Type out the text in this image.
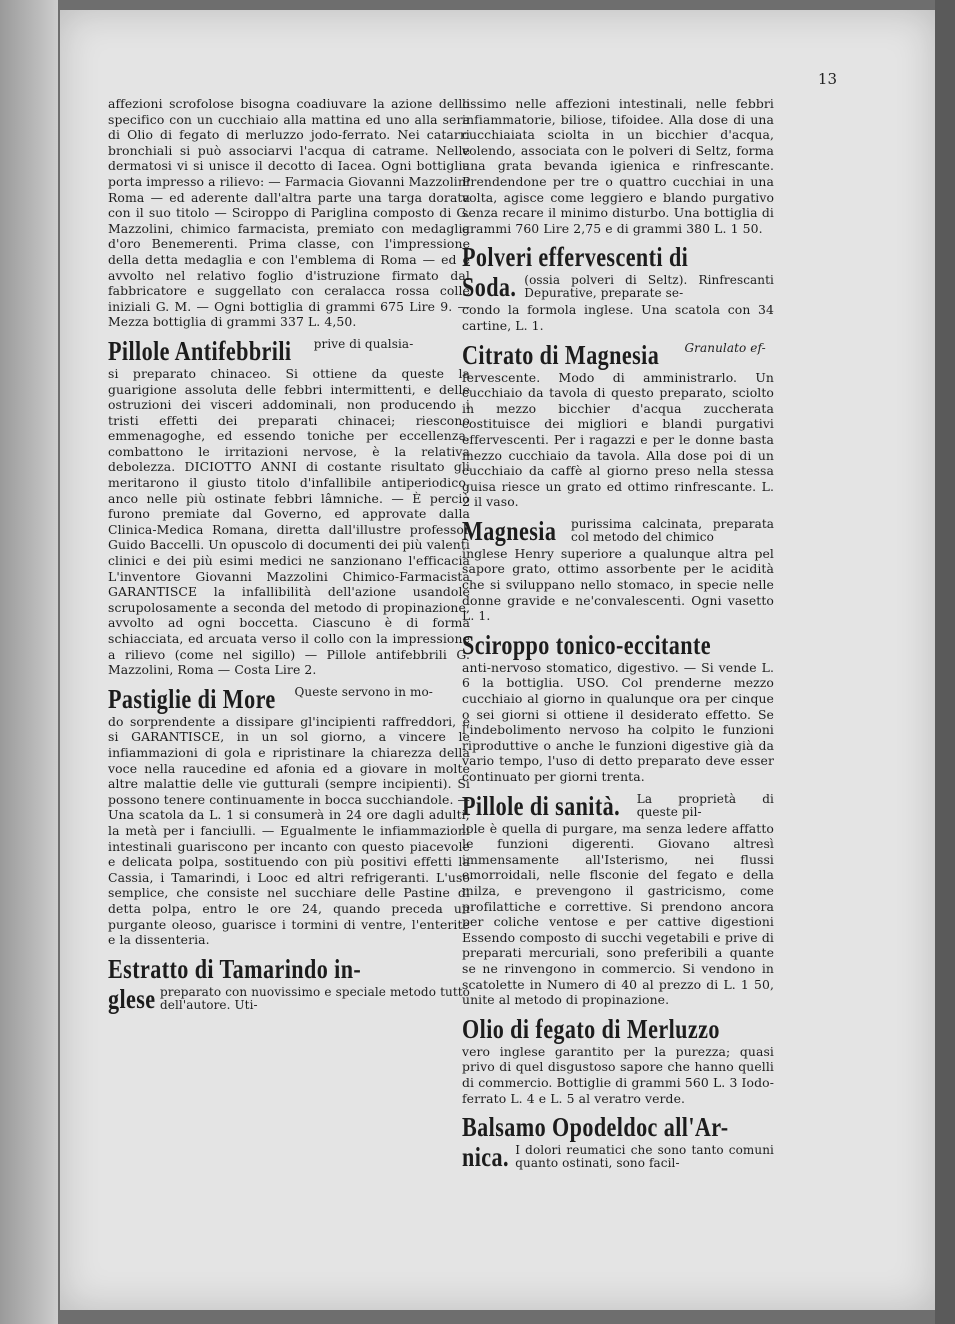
13

affezioni scrofolose bisogna coadiuvare la azione dello specifico con un cucchiaio alla mattina ed uno alla sera di Olio di fegato di merluzzo jodo-ferrato. Nei catarri bronchiali si può associarvi l'acqua di catrame. Nelle dermatosi vi si unisce il decotto di Iacea. Ogni bottiglia porta impresso a rilievo: — Farmacia Giovanni Mazzolini Roma — ed aderente dall'altra parte una targa dorata con il suo titolo — Sciroppo di Pariglina composto di G. Mazzolini, chimico farmacista, premiato con medaglia d'oro Benemerenti. Prima classe, con l'impressione della detta medaglia e con l'emblema di Roma — ed è avvolto nel relativo foglio d'istruzione firmato dal fabbricatore e suggellato con ceralacca rossa colle iniziali G. M. — Ogni bottiglia di grammi 675 Lire 9. — Mezza bottiglia di grammi 337 L. 4,50.

Pillole Antifebbrili prive di qualsia-

si preparato chinaceo. Si ottiene da queste la guarigione assoluta delle febbri intermittenti, e delle ostruzioni dei visceri addominali, non producendo i tristi effetti dei preparati chinacei; riescono emmenagoghe, ed essendo toniche per eccellenza, combattono le irritazioni nervose, è la relativa debolezza. DICIOTTO ANNI di costante risultato gli meritarono il giusto titolo d'infallibile antiperiodico, anco nelle più ostinate febbri lâmniche. — È perciò furono premiate dal Governo, ed approvate dalla Clinica-Medica Romana, diretta dall'illustre professor Guido Baccelli. Un opuscolo di documenti dei più valenti clinici e dei più esimi medici ne sanzionano l'efficacia L'inventore Giovanni Mazzolini Chimico-Farmacista GARANTISCE la infallibilità dell'azione usandole scrupolosamente a seconda del metodo di propinazione, avvolto ad ogni boccetta. Ciascuno è di forma schiacciata, ed arcuata verso il collo con la impressione a rilievo (come nel sigillo) — Pillole antifebbrili G. Mazzolini, Roma — Costa Lire 2.

Pastiglie di More Queste servono in mo-

do sorprendente a dissipare gl'incipienti raffreddori, e si GARANTISCE, in un sol giorno, a vincere le infiammazioni di gola e ripristinare la chiarezza della voce nella raucedine ed afonia ed a giovare in molte altre malattie delle vie gutturali (sempre incipienti). Si possono tenere continuamente in bocca succhiandole. — Una scatola da L. 1 si consumerà in 24 ore dagli adulti; la metà per i fanciulli. — Egualmente le infiammazioni intestinali guariscono per incanto con questo piacevole e delicata polpa, sostituendo con più positivi effetti la Cassia, i Tamarindi, i Looc ed altri refrigeranti. L'uso semplice, che consiste nel succhiare delle Pastine di detta polpa, entro le ore 24, quando preceda un purgante oleoso, guarisce i tormini di ventre, l'enterite e la dissenteria.

Estratto di Tamarindo in-
glese preparato con nuovissimo e speciale metodo tutto dell'autore. Uti-

lissimo nelle affezioni intestinali, nelle febbri infiammatorie, biliose, tifoidee. Alla dose di una cucchiaiata sciolta in un bicchier d'acqua, volendo, associata con le polveri di Seltz, forma una grata bevanda igienica e rinfrescante. Prendendone per tre o quattro cucchiai in una volta, agisce come leggiero e blando purgativo senza recare il minimo disturbo. Una bottiglia di grammi 760 Lire 2,75 e di grammi 380 L. 1 50.

Polveri effervescenti di
Soda. (ossia polveri di Seltz). Rinfrescanti Depurative, preparate se-

condo la formola inglese. Una scatola con 34 cartine, L. 1.

Citrato di Magnesia Granulato ef-

fervescente. Modo di amministrarlo. Un cucchiaio da tavola di questo preparato, sciolto in mezzo bicchier d'acqua zuccherata costituisce dei migliori e blandi purgativi effervescenti. Per i ragazzi e per le donne basta mezzo cucchiaio da tavola. Alla dose poi di un cucchiaio da caffè al giorno preso nella stessa guisa riesce un grato ed ottimo rinfrescante. L. 2 il vaso.

Magnesia purissima calcinata, preparata col metodo del chimico

inglese Henry superiore a qualunque altra pel sapore grato, ottimo assorbente per le acidità che si sviluppano nello stomaco, in specie nelle donne gravide e ne'convalescenti. Ogni vasetto L. 1.

Sciroppo tonico-eccitante

anti-nervoso stomatico, digestivo. — Si vende L. 6 la bottiglia. USO. Col prenderne mezzo cucchiaio al giorno in qualunque ora per cinque o sei giorni si ottiene il desiderato effetto. Se l'indebolimento nervoso ha colpito le funzioni riproduttive o anche le funzioni digestive già da vario tempo, l'uso di detto preparato deve esser continuato per giorni trenta.

Pillole di sanità. La proprietà di queste pil-

lole è quella di purgare, ma senza ledere affatto le funzioni digerenti. Giovano altresì immensamente all'Isterismo, nei flussi emorroidali, nelle flsconie del fegato e della milza, e prevengono il gastricismo, come profilattiche e correttive. Si prendono ancora per coliche ventose e per cattive digestioni Essendo composto di succhi vegetabili e prive di preparati mercuriali, sono preferibili a quante se ne rinvengono in commercio. Si vendono in scatolette in Numero di 40 al prezzo di L. 1 50, unite al metodo di propinazione.

Olio di fegato di Merluzzo

vero inglese garantito per la purezza; quasi privo di quel disgustoso sapore che hanno quelli di commercio. Bottiglie di grammi 560 L. 3 Iodo-ferrato L. 4 e L. 5 al veratro verde.

Balsamo Opodeldoc all'Ar-
nica. I dolori reumatici che sono tanto comuni quanto ostinati, sono facil-
